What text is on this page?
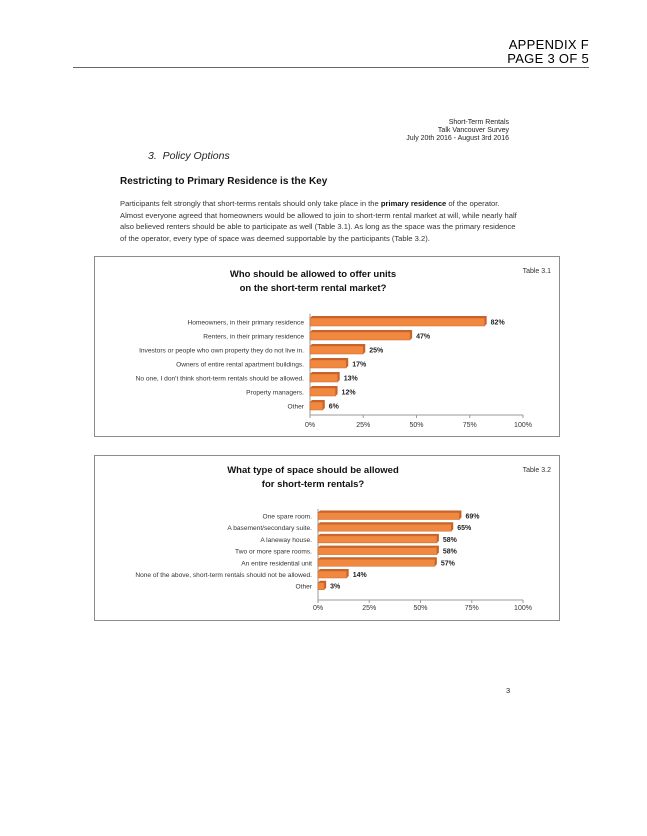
APPENDIX F
PAGE 3 OF 5
Short-Term Rentals
Talk Vancouver Survey
July 20th 2016 - August 3rd 2016
3. Policy Options
Restricting to Primary Residence is the Key

Participants felt strongly that short-terms rentals should only take place in the primary residence of the operator. Almost everyone agreed that homeowners would be allowed to join to short-term rental market at will, while nearly half also believed renters should be able to participate as well (Table 3.1). As long as the space was the primary residence of the operator, every type of space was deemed supportable by the participants (Table 3.2).

Table 3.1
Who should be allowed to offer units
on the short-term rental market?
0%	25%	50%	75%	100%
Homeowners, in their primary residence	82%
Renters, in their primary residence	47%
Investors or people who own property they do not live in.	25%
Owners of entire rental apartment buildings.	17%
No one, I don't think short-term rentals should be allowed.	13%
Property managers.	12%
Other	6%
Table 3.2
What type of space should be allowed
for short-term rentals?
0%	25%	50%	75%	100%
One spare room.	69%
A basement/secondary suite.	65%
A laneway house.	58%
Two or more spare rooms.	58%
An entire residential unit	57%
None of the above, short-term rentals should not be allowed.	14%
Other	3%
3
